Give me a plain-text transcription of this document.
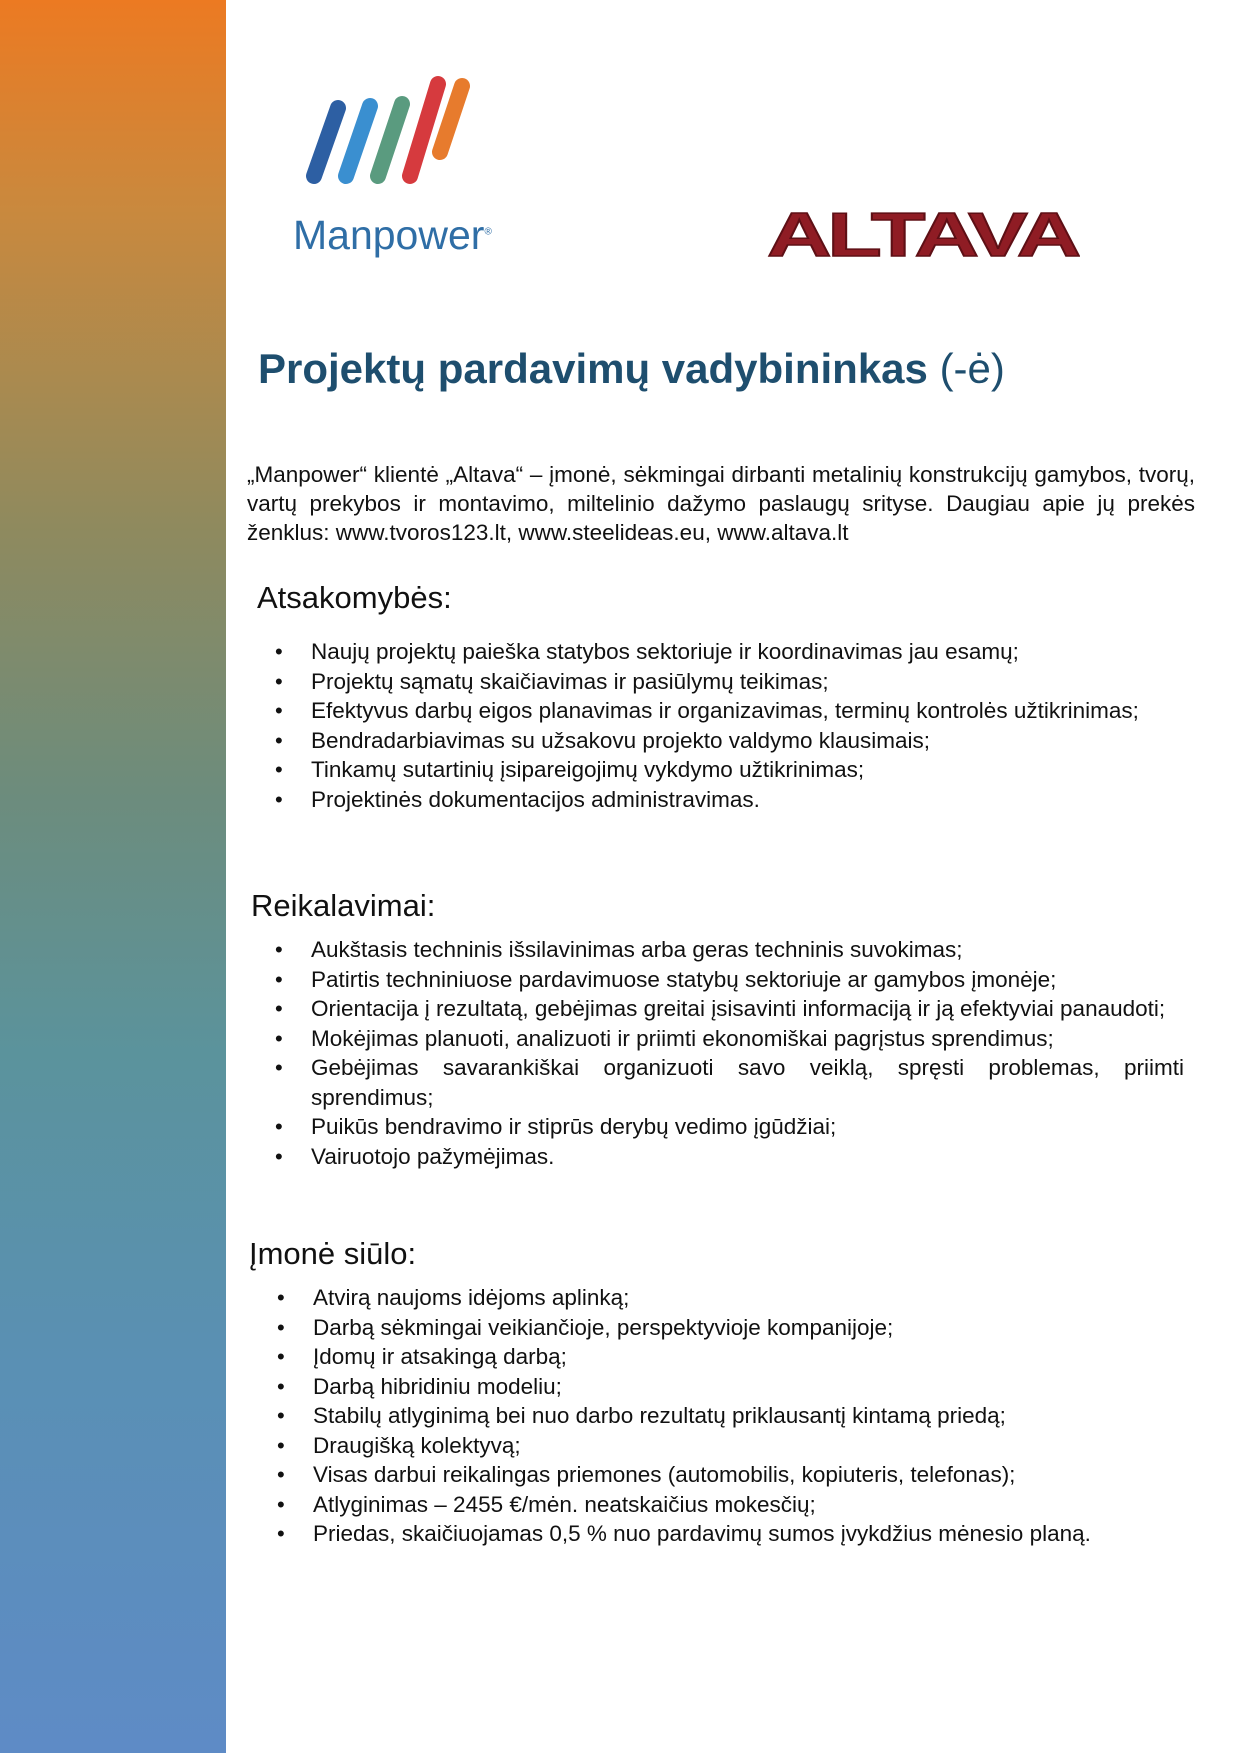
Manpower®	ALTAVA
Projektų pardavimų vadybininkas (-ė)

„Manpower“ klientė „Altava“ – įmonė, sėkmingai dirbanti metalinių konstrukcijų gamybos, tvorų, vartų prekybos ir montavimo, miltelinio dažymo paslaugų srityse. Daugiau apie jų prekės ženklus: www.tvoros123.lt, www.steelideas.eu, www.altava.lt

Atsakomybės:
• Naujų projektų paieška statybos sektoriuje ir koordinavimas jau esamų;
• Projektų sąmatų skaičiavimas ir pasiūlymų teikimas;
• Efektyvus darbų eigos planavimas ir organizavimas, terminų kontrolės užtikrinimas;
• Bendradarbiavimas su užsakovu projekto valdymo klausimais;
• Tinkamų sutartinių įsipareigojimų vykdymo užtikrinimas;
• Projektinės dokumentacijos administravimas.
Reikalavimai:
• Aukštasis techninis išsilavinimas arba geras techninis suvokimas;
• Patirtis techniniuose pardavimuose statybų sektoriuje ar gamybos įmonėje;
• Orientacija į rezultatą, gebėjimas greitai įsisavinti informaciją ir ją efektyviai panaudoti;
• Mokėjimas planuoti, analizuoti ir priimti ekonomiškai pagrįstus sprendimus;
• Gebėjimas savarankiškai organizuoti savo veiklą, spręsti problemas, priimti sprendimus;
• Puikūs bendravimo ir stiprūs derybų vedimo įgūdžiai;
• Vairuotojo pažymėjimas.
Įmonė siūlo:
• Atvirą naujoms idėjoms aplinką;
• Darbą sėkmingai veikiančioje, perspektyvioje kompanijoje;
• Įdomų ir atsakingą darbą;
• Darbą hibridiniu modeliu;
• Stabilų atlyginimą bei nuo darbo rezultatų priklausantį kintamą priedą;
• Draugišką kolektyvą;
• Visas darbui reikalingas priemones (automobilis, kopiuteris, telefonas);
• Atlyginimas – 2455 €/mėn. neatskaičius mokesčių;
• Priedas, skaičiuojamas 0,5 % nuo pardavimų sumos įvykdžius mėnesio planą.
